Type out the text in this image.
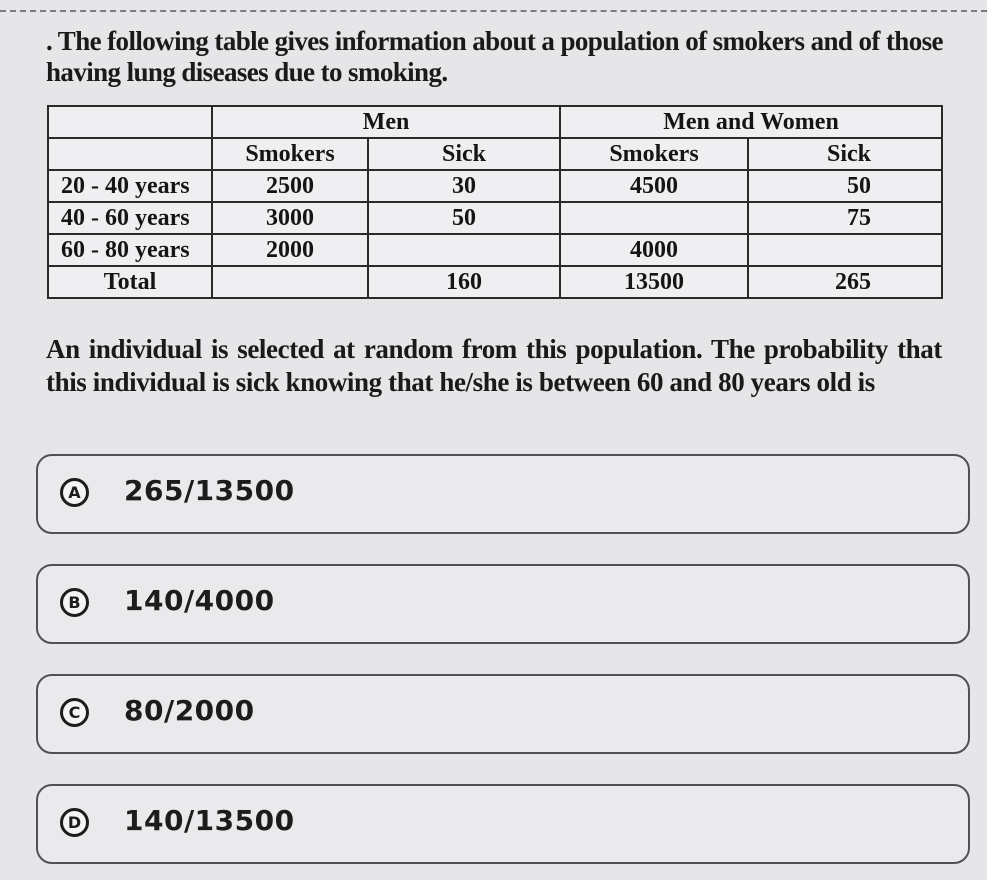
. The following table gives information about a population of smokers and of those having lung diseases due to smoking.
	Men		Men and Women	
	Smokers	Sick	Smokers	Sick
20 - 40 years	2500	30	4500	50
40 - 60 years	3000	50		75
60 - 80 years	2000		4000	
Total		160	13500	265
An individual is selected at random from this population. The probability that this individual is sick knowing that he/she is between 60 and 80 years old is
A 265/13500
B	140/4000
C	80/2000
D 140/13500
